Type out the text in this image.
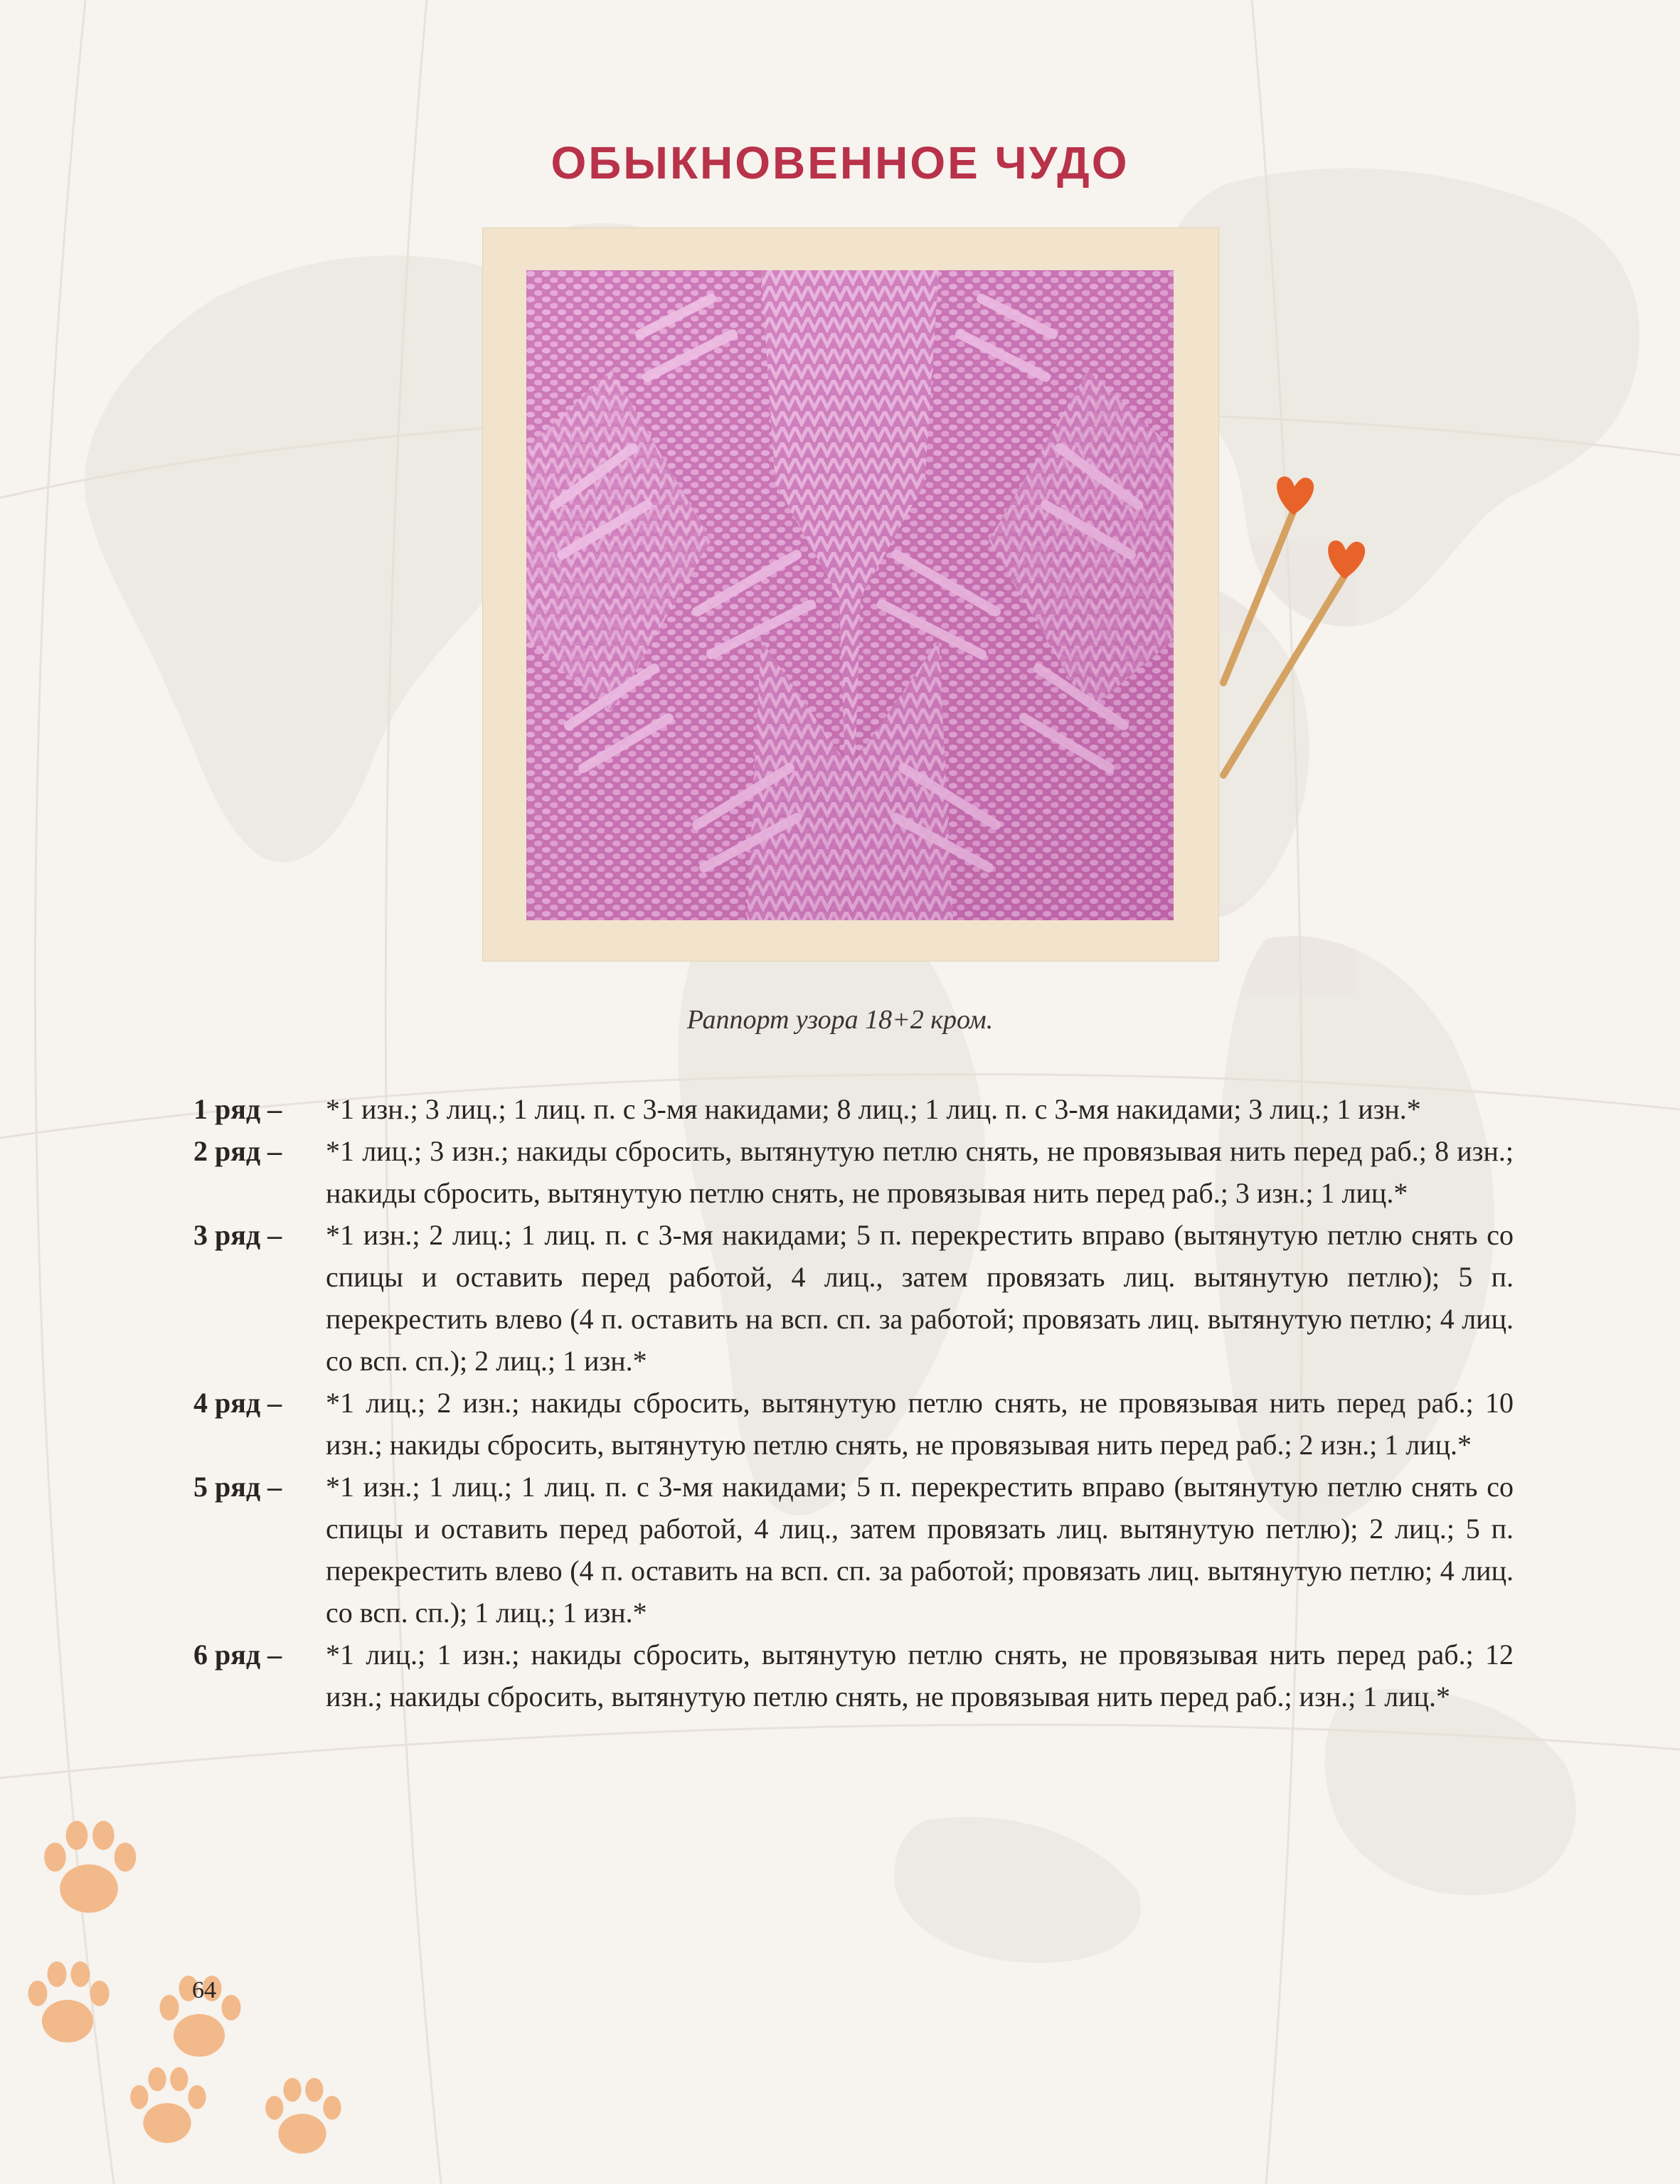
ОБЫКНОВЕННОЕ ЧУДО
Раппорт узора 18+2 кром.
1 ряд –	*1 изн.; 3 лиц.; 1 лиц. п. с 3-мя накидами; 8 лиц.; 1 лиц. п. с 3-мя накидами; 3 лиц.; 1 изн.*
2 ряд –	*1 лиц.; 3 изн.; накиды сбросить, вытянутую петлю снять, не провязывая нить перед раб.; 8 изн.; накиды сбросить, вытянутую петлю снять, не провязывая нить перед раб.; 3 изн.; 1 лиц.*
3 ряд –	*1 изн.; 2 лиц.; 1 лиц. п. с 3-мя накидами; 5 п. перекрестить вправо (вытянутую петлю снять со спицы и оставить перед работой, 4 лиц., затем провязать лиц. вытянутую петлю); 5 п. перекрестить влево (4 п. оставить на всп. сп. за работой; провязать лиц. вытянутую петлю; 4 лиц. со всп. сп.); 2 лиц.; 1 изн.*
4 ряд –	*1 лиц.; 2 изн.; накиды сбросить, вытянутую петлю снять, не провязывая нить перед раб.; 10 изн.; накиды сбросить, вытянутую петлю снять, не провязывая нить перед раб.; 2 изн.; 1 лиц.*
5 ряд –	*1 изн.; 1 лиц.; 1 лиц. п. с 3-мя накидами; 5 п. перекрестить вправо (вытянутую петлю снять со спицы и оставить перед работой, 4 лиц., затем провязать лиц. вытянутую петлю); 2 лиц.; 5 п. перекрестить влево (4 п. оставить на всп. сп. за работой; провязать лиц. вытянутую петлю; 4 лиц. со всп. сп.); 1 лиц.; 1 изн.*
6 ряд –	*1 лиц.; 1 изн.; накиды сбросить, вытянутую петлю снять, не провязывая нить перед раб.; 12 изн.; накиды сбросить, вытянутую петлю снять, не провязывая нить перед раб.; изн.; 1 лиц.*
64
